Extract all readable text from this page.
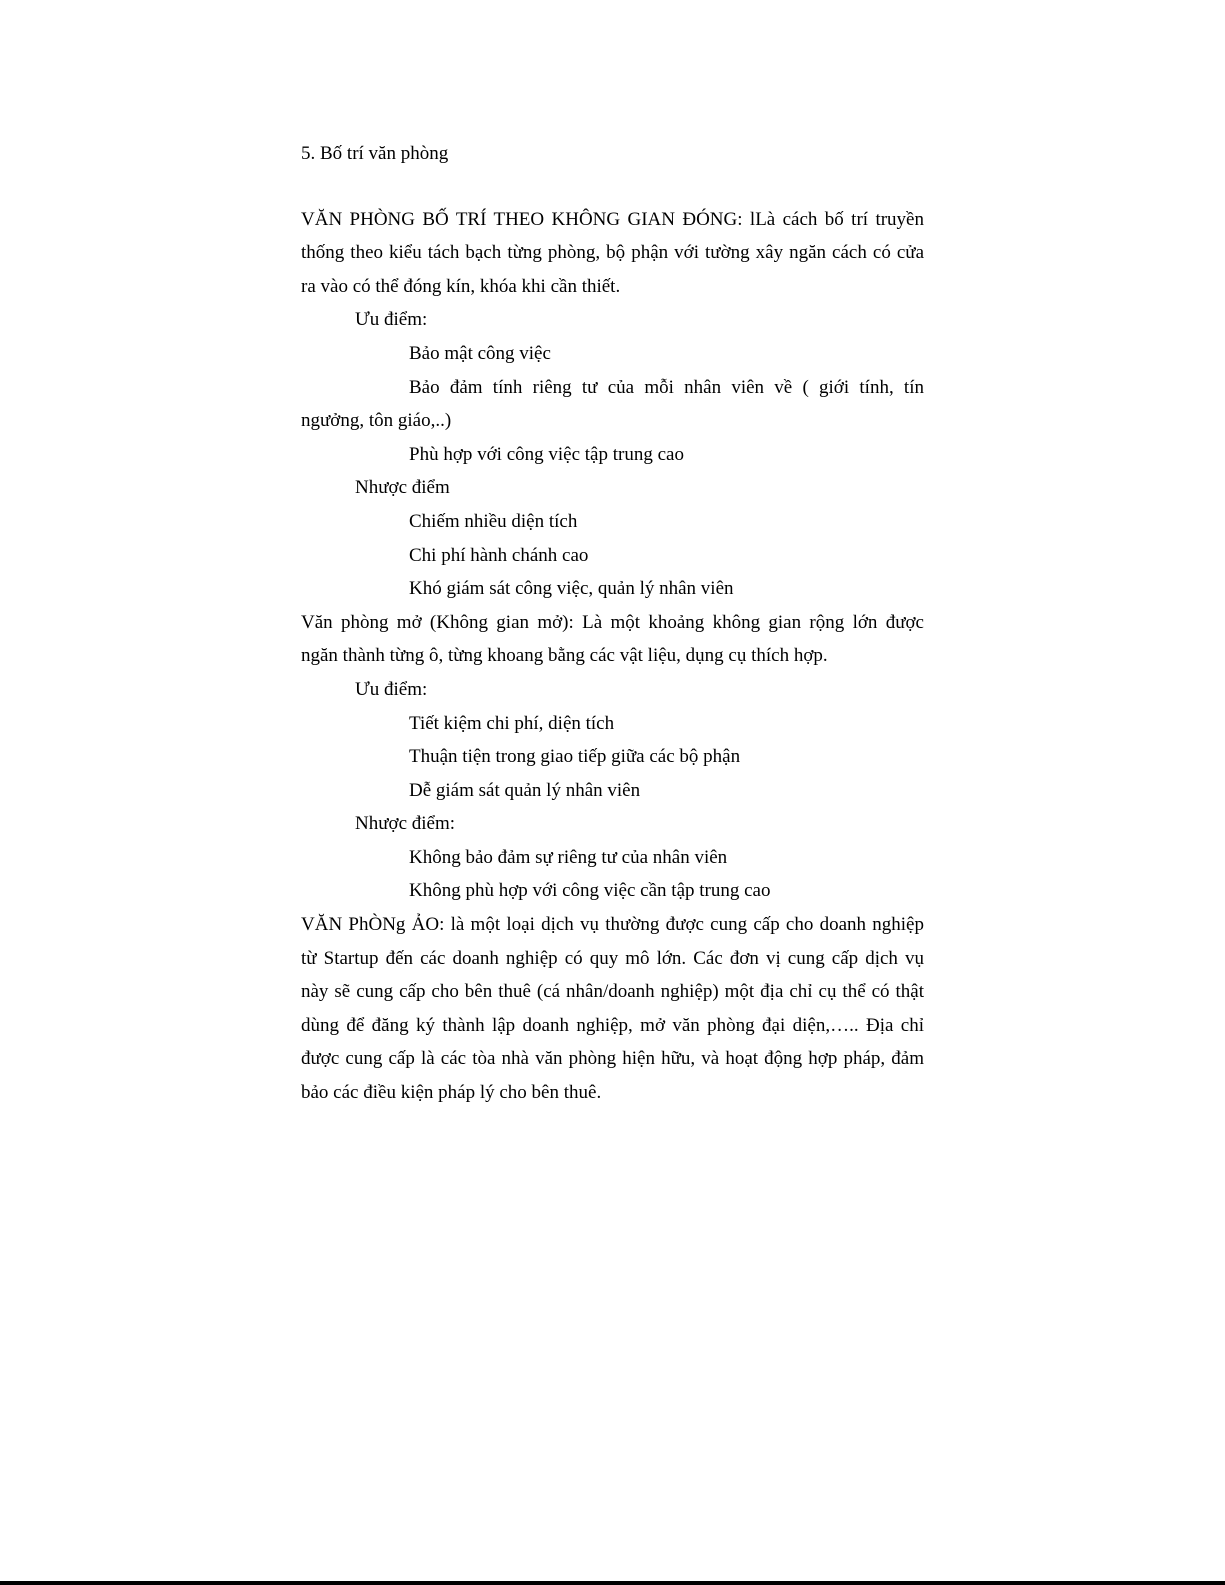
5. Bố trí văn phòng

VĂN PHÒNG BỐ TRÍ THEO KHÔNG GIAN ĐÓNG: lLà cách bố trí truyền

thống theo kiểu tách bạch từng phòng, bộ phận với tường xây ngăn cách có cửa

ra vào có thể đóng kín, khóa khi cần thiết.

Ưu điểm:

Bảo mật công việc

Bảo đảm tính riêng tư của mỗi nhân viên về ( giới tính, tín

ngưởng, tôn giáo,..)

Phù hợp với công việc tập trung cao

Nhược điểm

Chiếm nhiều diện tích

Chi phí hành chánh cao

Khó giám sát công việc, quản lý nhân viên

Văn phòng mở (Không gian mở): Là một khoảng không gian rộng lớn được

ngăn thành từng ô, từng khoang bằng các vật liệu, dụng cụ thích hợp.

Ưu điểm:

Tiết kiệm chi phí, diện tích

Thuận tiện trong giao tiếp giữa các bộ phận

Dễ giám sát quản lý nhân viên

Nhược điểm:

Không bảo đảm sự riêng tư của nhân viên

Không phù hợp với công việc cần tập trung cao

VĂN PhÒNg ẢO: là một loại dịch vụ thường được cung cấp cho doanh nghiệp

từ Startup đến các doanh nghiệp có quy mô lớn. Các đơn vị cung cấp dịch vụ

này sẽ cung cấp cho bên thuê (cá nhân/doanh nghiệp) một địa chỉ cụ thể có thật

dùng để đăng ký thành lập doanh nghiệp, mở văn phòng đại diện,….. Địa chỉ

được cung cấp là các tòa nhà văn phòng hiện hữu, và hoạt động hợp pháp, đảm

bảo các điều kiện pháp lý cho bên thuê.
